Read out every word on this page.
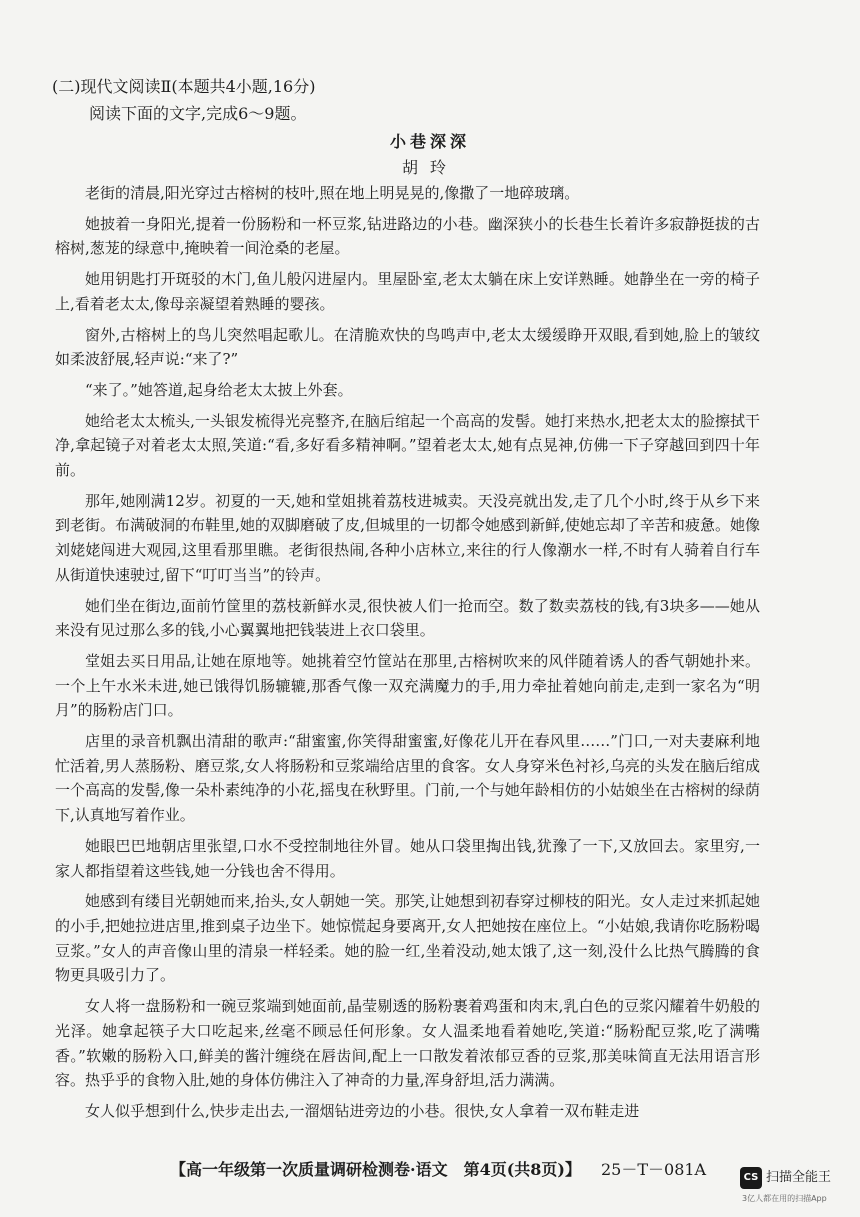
(二)现代文阅读Ⅱ(本题共4小题,16分)
阅读下面的文字,完成6～9题。
小巷深深
胡玲

老街的清晨,阳光穿过古榕树的枝叶,照在地上明晃晃的,像撒了一地碎玻璃。

她披着一身阳光,提着一份肠粉和一杯豆浆,钻进路边的小巷。幽深狭小的长巷生长着许多寂静挺拔的古榕树,葱茏的绿意中,掩映着一间沧桑的老屋。

她用钥匙打开斑驳的木门,鱼儿般闪进屋内。里屋卧室,老太太躺在床上安详熟睡。她静坐在一旁的椅子上,看着老太太,像母亲凝望着熟睡的婴孩。

窗外,古榕树上的鸟儿突然唱起歌儿。在清脆欢快的鸟鸣声中,老太太缓缓睁开双眼,看到她,脸上的皱纹如柔波舒展,轻声说:“来了?”

“来了。”她答道,起身给老太太披上外套。

她给老太太梳头,一头银发梳得光亮整齐,在脑后绾起一个高高的发髻。她打来热水,把老太太的脸擦拭干净,拿起镜子对着老太太照,笑道:“看,多好看多精神啊。”望着老太太,她有点晃神,仿佛一下子穿越回到四十年前。

那年,她刚满12岁。初夏的一天,她和堂姐挑着荔枝进城卖。天没亮就出发,走了几个小时,终于从乡下来到老街。布满破洞的布鞋里,她的双脚磨破了皮,但城里的一切都令她感到新鲜,使她忘却了辛苦和疲惫。她像刘姥姥闯进大观园,这里看那里瞧。老街很热闹,各种小店林立,来往的行人像潮水一样,不时有人骑着自行车从街道快速驶过,留下“叮叮当当”的铃声。

她们坐在街边,面前竹筐里的荔枝新鲜水灵,很快被人们一抢而空。数了数卖荔枝的钱,有3块多——她从来没有见过那么多的钱,小心翼翼地把钱装进上衣口袋里。

堂姐去买日用品,让她在原地等。她挑着空竹筐站在那里,古榕树吹来的风伴随着诱人的香气朝她扑来。一个上午水米未进,她已饿得饥肠辘辘,那香气像一双充满魔力的手,用力牵扯着她向前走,走到一家名为“明月”的肠粉店门口。

店里的录音机飘出清甜的歌声:“甜蜜蜜,你笑得甜蜜蜜,好像花儿开在春风里……”门口,一对夫妻麻利地忙活着,男人蒸肠粉、磨豆浆,女人将肠粉和豆浆端给店里的食客。女人身穿米色衬衫,乌亮的头发在脑后绾成一个高高的发髻,像一朵朴素纯净的小花,摇曳在秋野里。门前,一个与她年龄相仿的小姑娘坐在古榕树的绿荫下,认真地写着作业。

她眼巴巴地朝店里张望,口水不受控制地往外冒。她从口袋里掏出钱,犹豫了一下,又放回去。家里穷,一家人都指望着这些钱,她一分钱也舍不得用。

她感到有缕目光朝她而来,抬头,女人朝她一笑。那笑,让她想到初春穿过柳枝的阳光。女人走过来抓起她的小手,把她拉进店里,推到桌子边坐下。她惊慌起身要离开,女人把她按在座位上。“小姑娘,我请你吃肠粉喝豆浆。”女人的声音像山里的清泉一样轻柔。她的脸一红,坐着没动,她太饿了,这一刻,没什么比热气腾腾的食物更具吸引力了。

女人将一盘肠粉和一碗豆浆端到她面前,晶莹剔透的肠粉裹着鸡蛋和肉末,乳白色的豆浆闪耀着牛奶般的光泽。她拿起筷子大口吃起来,丝毫不顾忌任何形象。女人温柔地看着她吃,笑道:“肠粉配豆浆,吃了满嘴香。”软嫩的肠粉入口,鲜美的酱汁缠绕在唇齿间,配上一口散发着浓郁豆香的豆浆,那美味简直无法用语言形容。热乎乎的食物入肚,她的身体仿佛注入了神奇的力量,浑身舒坦,活力满满。

女人似乎想到什么,快步走出去,一溜烟钻进旁边的小巷。很快,女人拿着一双布鞋走进

【高一年级第一次质量调研检测卷·语文　第4页(共8页)】 25－T－081A	CS 扫描全能王
3亿人都在用的扫描App
